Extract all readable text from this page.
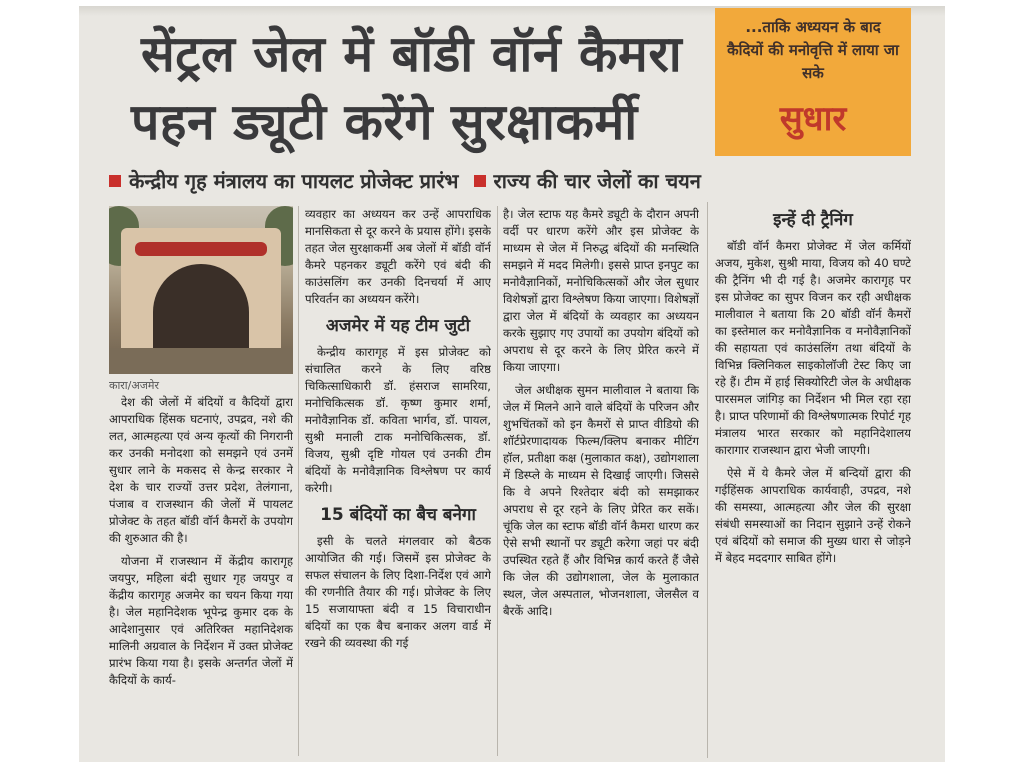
सेंट्रल जेल में बॉडी वॉर्न कैमरा
पहन ड्यूटी करेंगे सुरक्षाकर्मी
...ताकि अध्ययन के बाद कैदियों की मनोवृत्ति में लाया जा सके
सुधार
केन्द्रीय गृह मंत्रालय का पायलट प्रोजेक्ट प्रारंभ राज्य की चार जेलों का चयन
कारा/अजमेर

देश की जेलों में बंदियों व कैदियों द्वारा आपराधिक हिंसक घटनाएं, उपद्रव, नशे की लत, आत्महत्या एवं अन्य कृत्यों की निगरानी कर उनकी मनोदशा को समझने एवं उनमें सुधार लाने के मकसद से केन्द्र सरकार ने देश के चार राज्यों उत्तर प्रदेश, तेलंगाना, पंजाब व राजस्थान की जेलों में पायलट प्रोजेक्ट के तहत बॉडी वॉर्न कैमरों के उपयोग की शुरुआत की है।

योजना में राजस्थान में केंद्रीय कारागृह जयपुर, महिला बंदी सुधार गृह जयपुर व केंद्रीय कारागृह अजमेर का चयन किया गया है। जेल महानिदेशक भूपेन्द्र कुमार दक के आदेशानुसार एवं अतिरिक्त महानिदेशक मालिनी अग्रवाल के निर्देशन में उक्त प्रोजेक्ट प्रारंभ किया गया है। इसके अन्तर्गत जेलों में कैदियों के कार्य-

व्यवहार का अध्ययन कर उन्हें आपराधिक मानसिकता से दूर करने के प्रयास होंगे। इसके तहत जेल सुरक्षाकर्मी अब जेलों में बॉडी वॉर्न कैमरे पहनकर ड्यूटी करेंगे एवं बंदी की काउंसलिंग कर उनकी दिनचर्या में आए परिवर्तन का अध्ययन करेंगे।

अजमेर में यह टीम जुटी

केन्द्रीय कारागृह में इस प्रोजेक्ट को संचालित करने के लिए वरिष्ठ चिकित्साधिकारी डॉ. हंसराज सामरिया, मनोचिकित्सक डॉ. कृष्ण कुमार शर्मा, मनोवैज्ञानिक डॉ. कविता भार्गव, डॉ. पायल, सुश्री मनाली टाक मनोचिकित्सक, डॉ. विजय, सुश्री दृष्टि गोयल एवं उनकी टीम बंदियों के मनोवैज्ञानिक विश्लेषण पर कार्य करेगी।

15 बंदियों का बैच बनेगा

इसी के चलते मंगलवार को बैठक आयोजित की गई। जिसमें इस प्रोजेक्ट के सफल संचालन के लिए दिशा-निर्देश एवं आगे की रणनीति तैयार की गई। प्रोजेक्ट के लिए 15 सजायाफ्ता बंदी व 15 विचाराधीन बंदियों का एक बैच बनाकर अलग वार्ड में रखने की व्यवस्था की गई

है। जेल स्टाफ यह कैमरे ड्यूटी के दौरान अपनी वर्दी पर धारण करेंगे और इस प्रोजेक्ट के माध्यम से जेल में निरुद्ध बंदियों की मनस्थिति समझने में मदद मिलेगी। इससे प्राप्त इनपुट का मनोवैज्ञानिकों, मनोचिकित्सकों और जेल सुधार विशेषज्ञों द्वारा विश्लेषण किया जाएगा। विशेषज्ञों द्वारा जेल में बंदियों के व्यवहार का अध्ययन करके सुझाए गए उपायों का उपयोग बंदियों को अपराध से दूर करने के लिए प्रेरित करने में किया जाएगा।

जेल अधीक्षक सुमन मालीवाल ने बताया कि जेल में मिलने आने वाले बंदियों के परिजन और शुभचिंतकों को इन कैमरों से प्राप्त वीडियो की शॉर्टप्रेरणादायक फिल्म/क्लिप बनाकर मीटिंग हॉल, प्रतीक्षा कक्ष (मुलाकात कक्ष), उद्योगशाला में डिस्प्ले के माध्यम से दिखाई जाएगी। जिससे कि वे अपने रिश्तेदार बंदी को समझाकर अपराध से दूर रहने के लिए प्रेरित कर सकें। चूंकि जेल का स्टाफ बॉडी वॉर्न कैमरा धारण कर ऐसे सभी स्थानों पर ड्यूटी करेगा जहां पर बंदी उपस्थित रहते हैं और विभिन्न कार्य करते हैं जैसे कि जेल की उद्योगशाला, जेल के मुलाकात स्थल, जेल अस्पताल, भोजनशाला, जेलसैल व बैरकें आदि।

इन्हें दी ट्रैनिंग

बॉडी वॉर्न कैमरा प्रोजेक्ट में जेल कर्मियों अजय, मुकेश, सुश्री माया, विजय को 40 घण्टे की ट्रैनिंग भी दी गई है। अजमेर कारागृह पर इस प्रोजेक्ट का सुपर विजन कर रही अधीक्षक मालीवाल ने बताया कि 20 बॉडी वॉर्न कैमरों का इस्तेमाल कर मनोवैज्ञानिक व मनोवैज्ञानिकों की सहायता एवं काउंसलिंग तथा बंदियों के विभिन्न क्लिनिकल साइकोलॉजी टेस्ट किए जा रहे हैं। टीम में हाई सिक्योरिटी जेल के अधीक्षक पारसमल जांगिड़ का निर्देशन भी मिल रहा रहा है। प्राप्त परिणामों की विश्लेषणात्मक रिपोर्ट गृह मंत्रालय भारत सरकार को महानिदेशालय कारागार राजस्थान द्वारा भेजी जाएगी।

ऐसे में ये कैमरे जेल में बन्दियों द्वारा की गईहिंसक आपराधिक कार्यवाही, उपद्रव, नशे की समस्या, आत्महत्या और जेल की सुरक्षा संबंधी समस्याओं का निदान सुझाने उन्हें रोकने एवं बंदियों को समाज की मुख्य धारा से जोड़ने में बेहद मददगार साबित होंगे।
